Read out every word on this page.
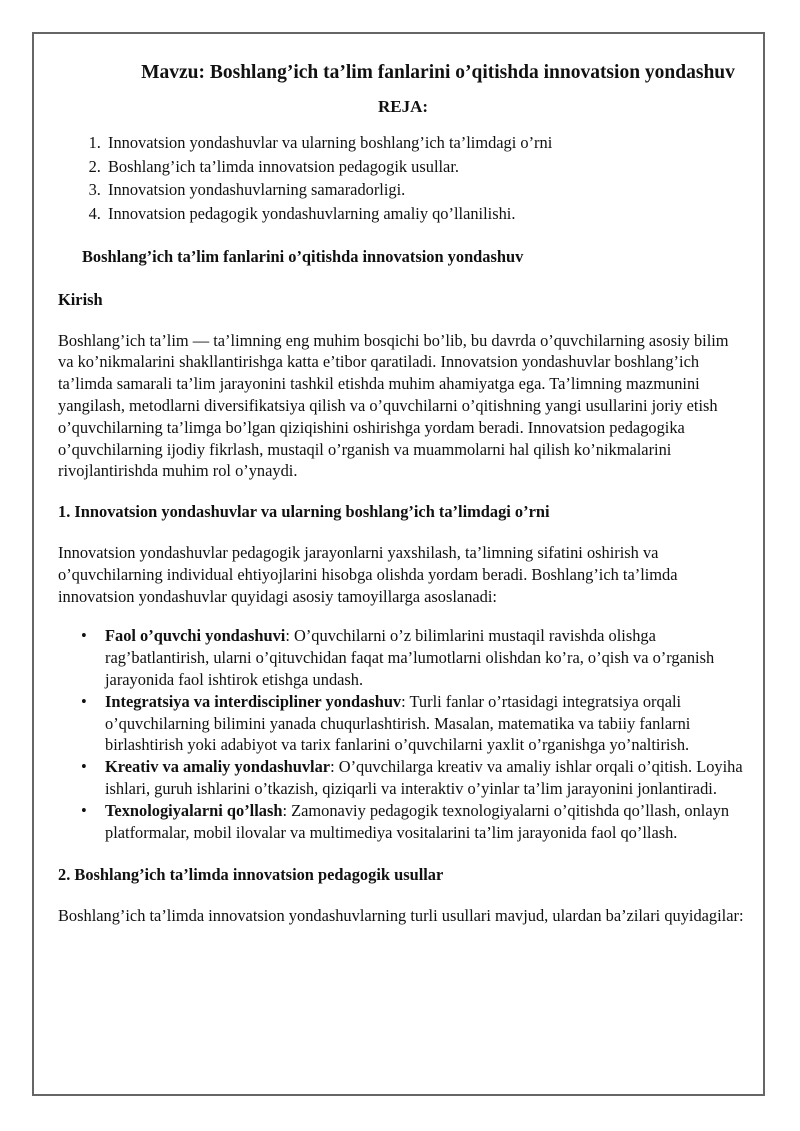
Mavzu: Boshlang’ich ta’lim fanlarini o’qitishda innovatsion yondashuv
REJA:
1. Innovatsion yondashuvlar va ularning boshlang’ich ta’limdagi o’rni
2. Boshlang’ich ta’limda innovatsion pedagogik usullar.
3. Innovatsion yondashuvlarning samaradorligi.
4. Innovatsion pedagogik yondashuvlarning amaliy qo’llanilishi.
Boshlang’ich ta’lim fanlarini o’qitishda innovatsion yondashuv
Kirish

Boshlang’ich ta’lim — ta’limning eng muhim bosqichi bo’lib, bu davrda o’quvchilarning asosiy bilim va ko’nikmalarini shakllantirishga katta e’tibor qaratiladi. Innovatsion yondashuvlar boshlang’ich ta’limda samarali ta’lim jarayonini tashkil etishda muhim ahamiyatga ega. Ta’limning mazmunini yangilash, metodlarni diversifikatsiya qilish va o’quvchilarni o’qitishning yangi usullarini joriy etish o’quvchilarning ta’limga bo’lgan qiziqishini oshirishga yordam beradi. Innovatsion pedagogika o’quvchilarning ijodiy fikrlash, mustaqil o’rganish va muammolarni hal qilish ko’nikmalarini rivojlantirishda muhim rol o’ynaydi.

1. Innovatsion yondashuvlar va ularning boshlang’ich ta’limdagi o’rni

Innovatsion yondashuvlar pedagogik jarayonlarni yaxshilash, ta’limning sifatini oshirish va o’quvchilarning individual ehtiyojlarini hisobga olishda yordam beradi. Boshlang’ich ta’limda innovatsion yondashuvlar quyidagi asosiy tamoyillarga asoslanadi:

• Faol o’quvchi yondashuvi: O’quvchilarni o’z bilimlarini mustaqil ravishda olishga rag’batlantirish, ularni o’qituvchidan faqat ma’lumotlarni olishdan ko’ra, o’qish va o’rganish jarayonida faol ishtirok etishga undash.
• Integratsiya va interdiscipliner yondashuv: Turli fanlar o’rtasidagi integratsiya orqali o’quvchilarning bilimini yanada chuqurlashtirish. Masalan, matematika va tabiiy fanlarni birlashtirish yoki adabiyot va tarix fanlarini o’quvchilarni yaxlit o’rganishga yo’naltirish.
• Kreativ va amaliy yondashuvlar: O’quvchilarga kreativ va amaliy ishlar orqali o’qitish. Loyiha ishlari, guruh ishlarini o’tkazish, qiziqarli va interaktiv o’yinlar ta’lim jarayonini jonlantiradi.
• Texnologiyalarni qo’llash: Zamonaviy pedagogik texnologiyalarni o’qitishda qo’llash, onlayn platformalar, mobil ilovalar va multimediya vositalarini ta’lim jarayonida faol qo’llash.
2. Boshlang’ich ta’limda innovatsion pedagogik usullar

Boshlang’ich ta’limda innovatsion yondashuvlarning turli usullari mavjud, ulardan ba’zilari quyidagilar:
